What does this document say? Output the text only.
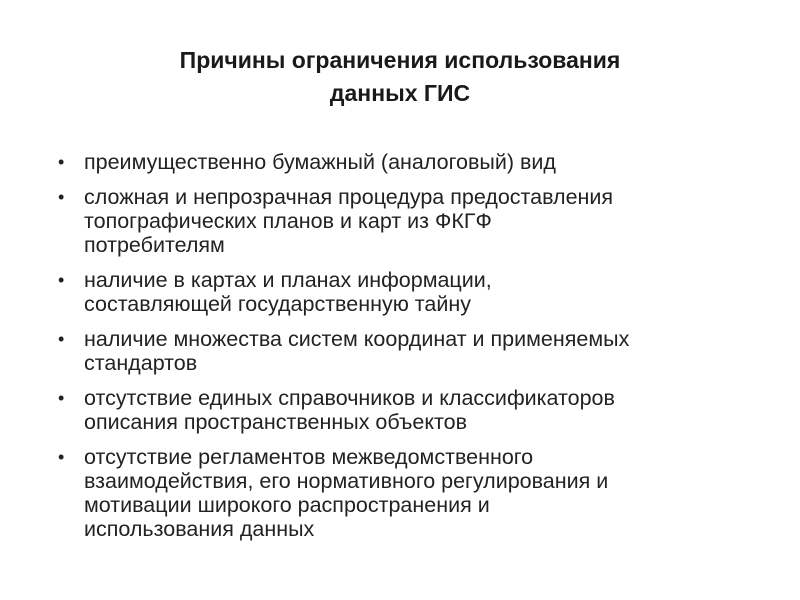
Причины ограничения использования
данных ГИС
• преимущественно бумажный (аналоговый) вид
• сложная и непрозрачная процедура предоставления
топографических планов и карт из ФКГФ
потребителям
• наличие в картах и планах информации,
составляющей государственную тайну
• наличие множества систем координат и применяемых
стандартов
• отсутствие единых справочников и классификаторов
описания пространственных объектов
• отсутствие регламентов межведомственного
взаимодействия, его нормативного регулирования и
мотивации широкого распространения и
использования данных
